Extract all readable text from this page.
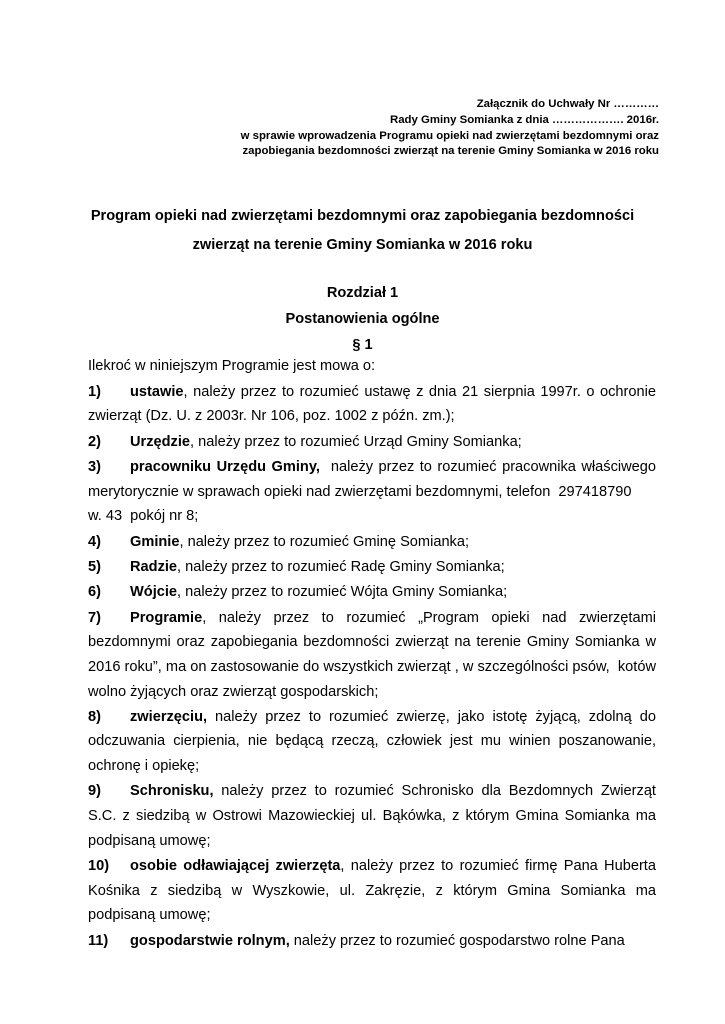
Załącznik do Uchwały Nr …………
Rady Gminy Somianka z dnia ………………. 2016r.
w sprawie wprowadzenia Programu opieki nad zwierzętami bezdomnymi oraz
zapobiegania bezdomności zwierząt na terenie Gminy Somianka w 2016 roku
Program opieki nad zwierzętami bezdomnymi oraz zapobiegania bezdomności
zwierząt na terenie Gminy Somianka w 2016 roku
Rozdział 1
Postanowienia ogólne
§ 1
Ilekroć w niniejszym Programie jest mowa o:
1) ustawie, należy przez to rozumieć ustawę z dnia 21 sierpnia 1997r. o ochronie zwierząt (Dz. U. z 2003r. Nr 106, poz. 1002 z późn. zm.);
2) Urzędzie, należy przez to rozumieć Urząd Gminy Somianka;
3) pracowniku Urzędu Gminy,  należy przez to rozumieć pracownika właściwego merytorycznie w sprawach opieki nad zwierzętami bezdomnymi, telefon  297418790
w. 43  pokój nr 8;
4) Gminie, należy przez to rozumieć Gminę Somianka;
5) Radzie, należy przez to rozumieć Radę Gminy Somianka;
6) Wójcie, należy przez to rozumieć Wójta Gminy Somianka;
7) Programie, należy przez to rozumieć „Program opieki nad zwierzętami bezdomnymi oraz zapobiegania bezdomności zwierząt na terenie Gminy Somianka w 2016 roku”, ma on zastosowanie do wszystkich zwierząt , w szczególności psów,  kotów wolno żyjących oraz zwierząt gospodarskich;
8) zwierzęciu, należy przez to rozumieć zwierzę, jako istotę żyjącą, zdolną do odczuwania cierpienia, nie będącą rzeczą, człowiek jest mu winien poszanowanie, ochronę i opiekę;
9) Schronisku, należy przez to rozumieć Schronisko dla Bezdomnych Zwierząt S.C. z siedzibą w Ostrowi Mazowieckiej ul. Bąkówka, z którym Gmina Somianka ma podpisaną umowę;
10) osobie odławiającej zwierzęta, należy przez to rozumieć firmę Pana Huberta Kośnika z siedzibą w Wyszkowie, ul. Zakręzie, z którym Gmina Somianka ma podpisaną umowę;
11) gospodarstwie rolnym, należy przez to rozumieć gospodarstwo rolne Pana
